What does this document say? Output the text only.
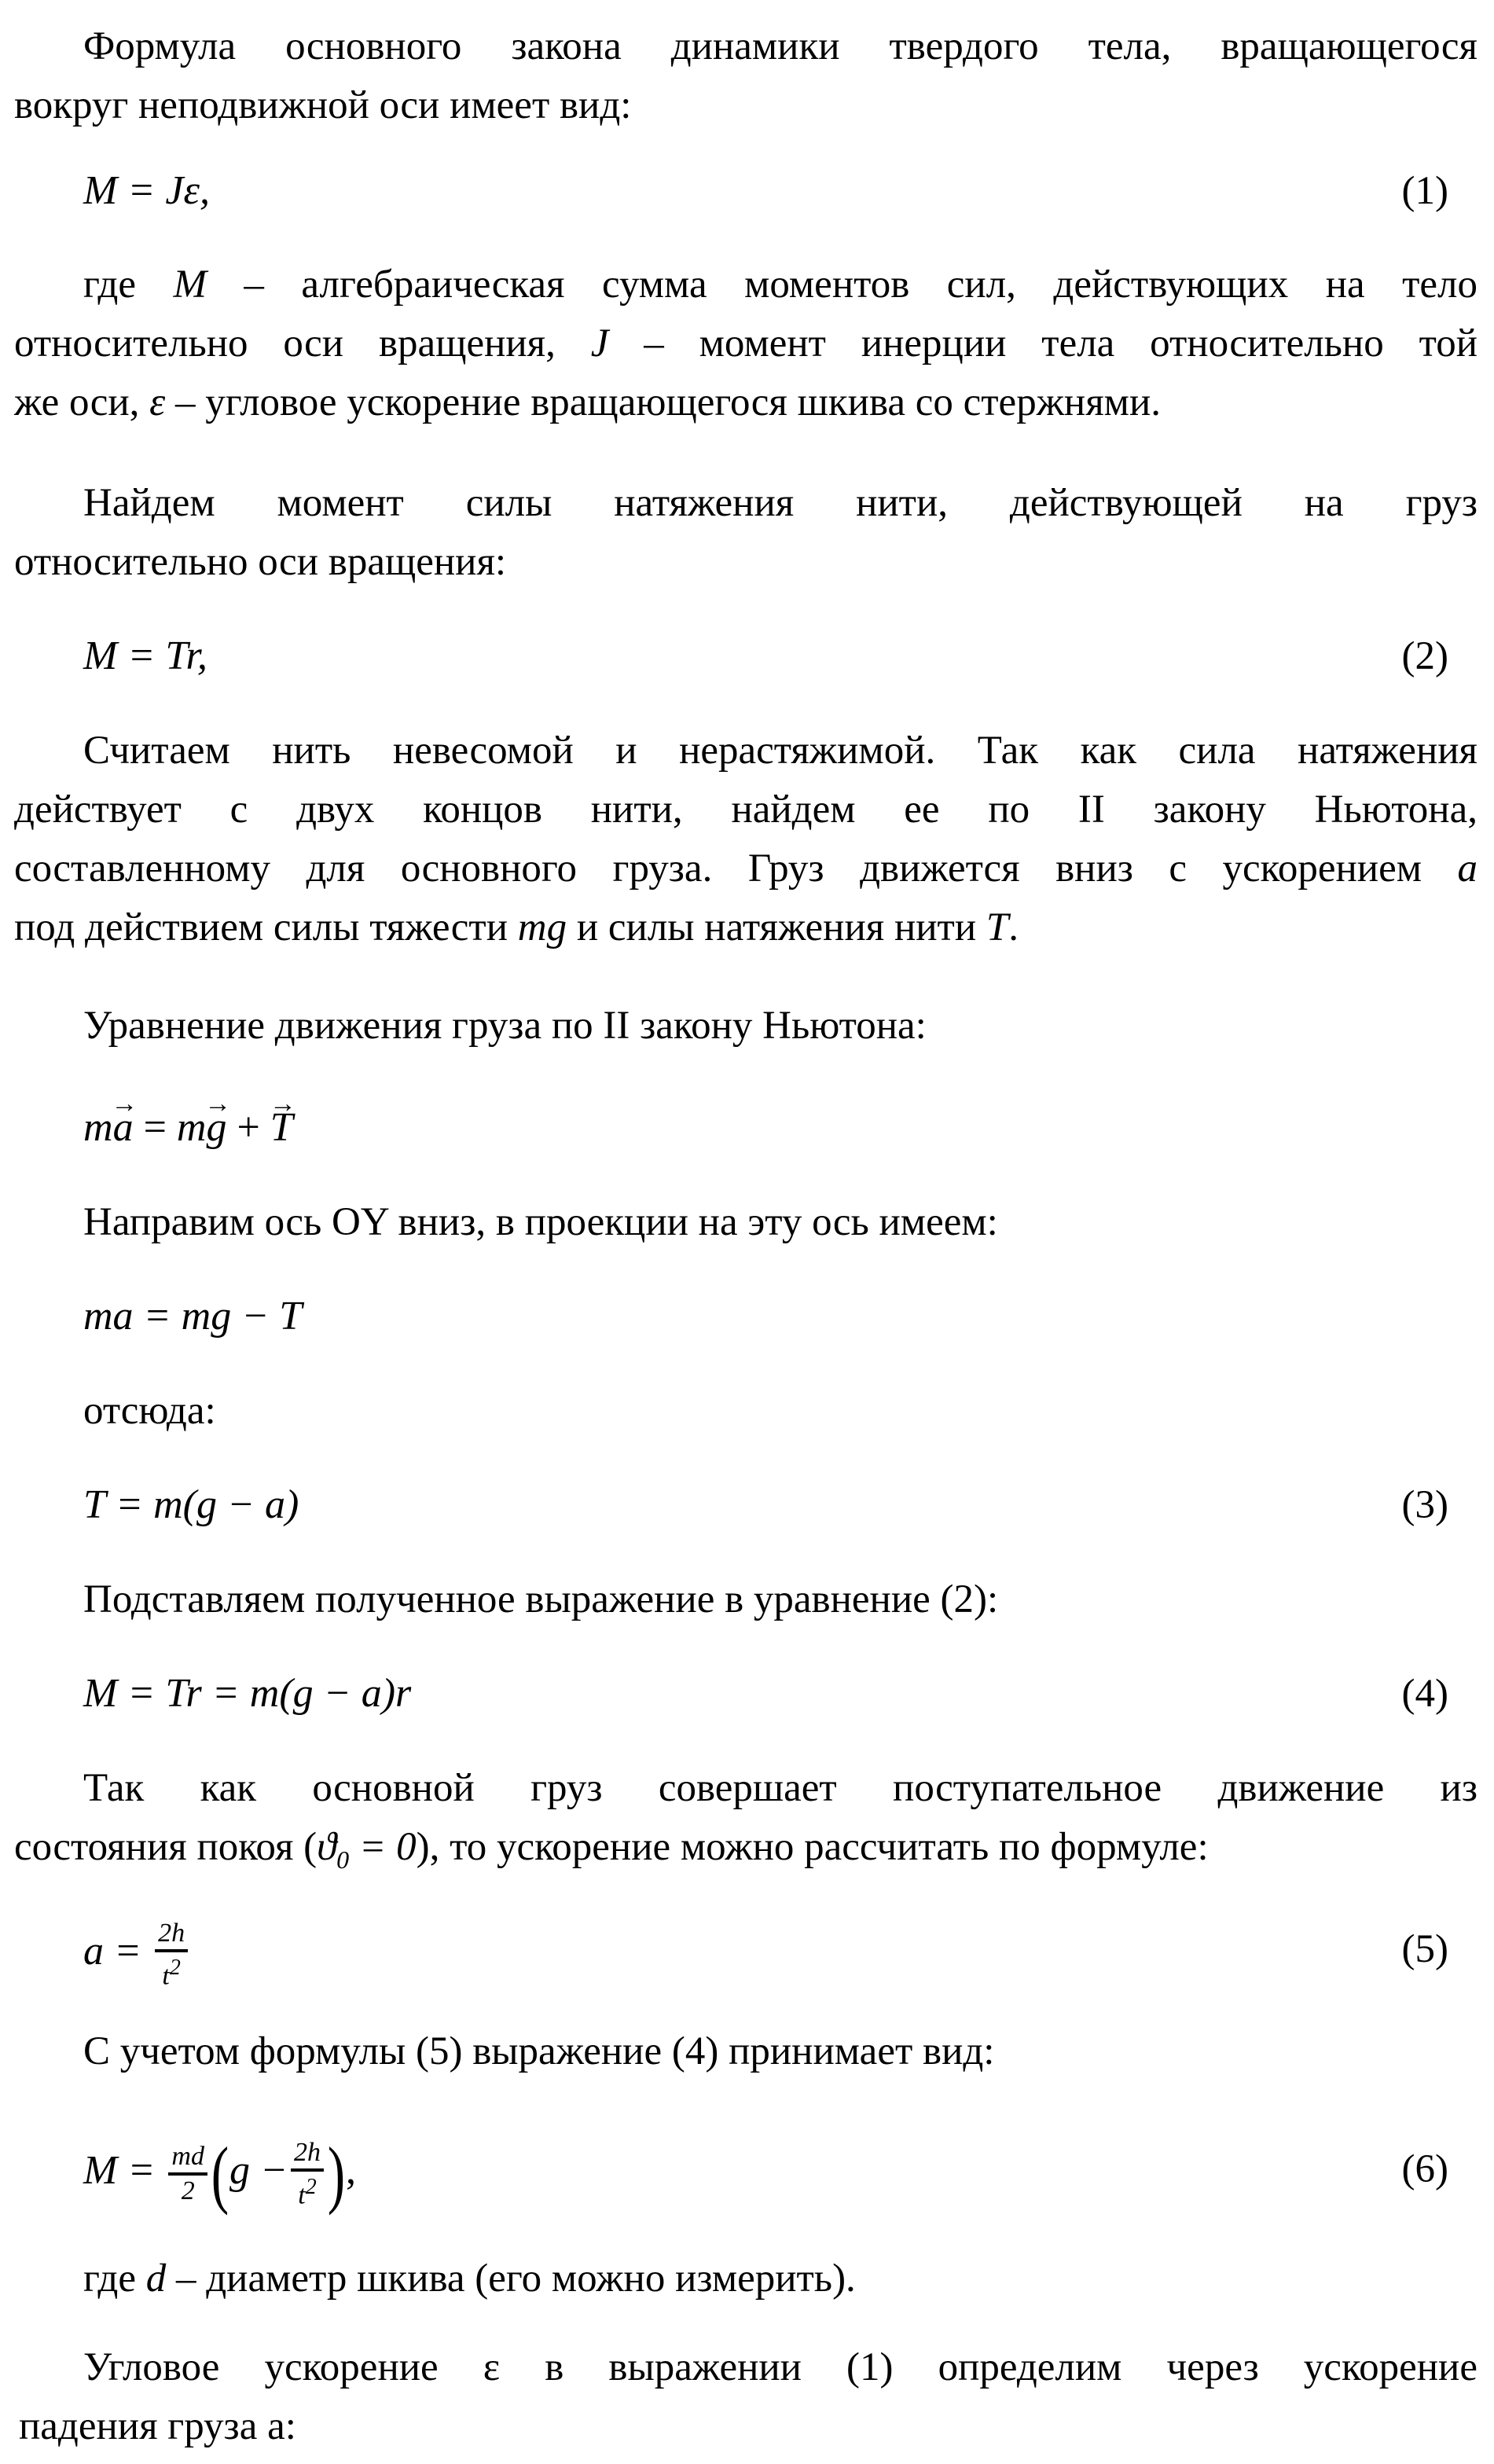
Формула основного закона динамики твердого тела, вращающегося
вокруг неподвижной оси имеет вид:
M = Jε,	(1)
где M – алгебраическая сумма моментов сил, действующих на тело
относительно оси вращения, J – момент инерции тела относительно той
же оси, ε – угловое ускорение вращающегося шкива со стержнями.
Найдем момент силы натяжения нити, действующей на груз
относительно оси вращения:
M = Tr,	(2)
Считаем нить невесомой и нерастяжимой. Так как сила натяжения
действует с двух концов нити, найдем ее по II закону Ньютона,
составленному для основного груза. Груз движется вниз с ускорением a
под действием силы тяжести mg и силы натяжения нити T.
Уравнение движения груза по II закону Ньютона:
m→ a = m→ g + → T
Направим ось OY вниз, в проекции на эту ось имеем:
ma = mg − T
отсюда:
T = m(g − a)	(3)
Подставляем полученное выражение в уравнение (2):
M = Tr = m(g − a)r	(4)
Так как основной груз совершает поступательное движение из
состояния покоя $(ϑ_0 = 0)$, то ускорение можно рассчитать по формуле:
$a = \frac{2h}{t^2}$	(5)
С учетом формулы (5) выражение (4) принимает вид:
$M = \frac{md}{2} (g - \frac{2h}{t^2}$ ),	(6)
где d – диаметр шкива (его можно измерить).
Угловое ускорение ε в выражении (1) определим через ускорение
падения груза a:
